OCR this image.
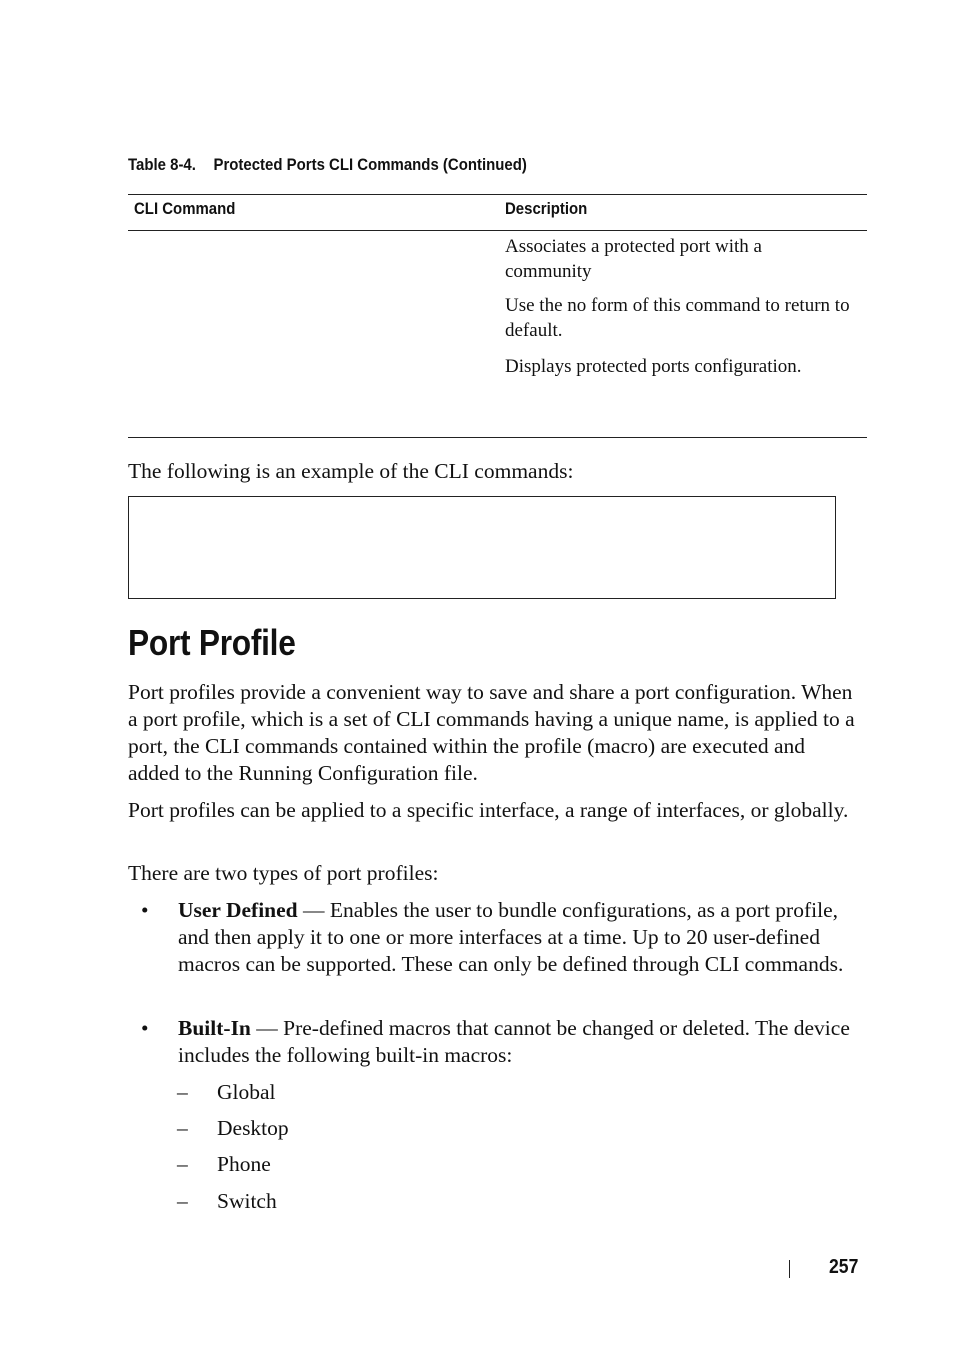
Table 8-4. Protected Ports CLI Commands (Continued)
CLI Command	Description
Associates a protected port with a community
Use the no form of this command to return to default.
Displays protected ports configuration.
The following is an example of the CLI commands:
Port Profile
Port profiles provide a convenient way to save and share a port configuration. When a port profile, which is a set of CLI commands having a unique name, is applied to a port, the CLI commands contained within the profile (macro) are executed and added to the Running Configuration file.
Port profiles can be applied to a specific interface, a range of interfaces, or globally.
There are two types of port profiles:
• User Defined — Enables the user to bundle configurations, as a port profile, and then apply it to one or more interfaces at a time. Up to 20 user-defined macros can be supported. These can only be defined through CLI commands.
• Built-In — Pre-defined macros that cannot be changed or deleted. The device includes the following built-in macros:
– Global
– Desktop
– Phone
– Switch
257
